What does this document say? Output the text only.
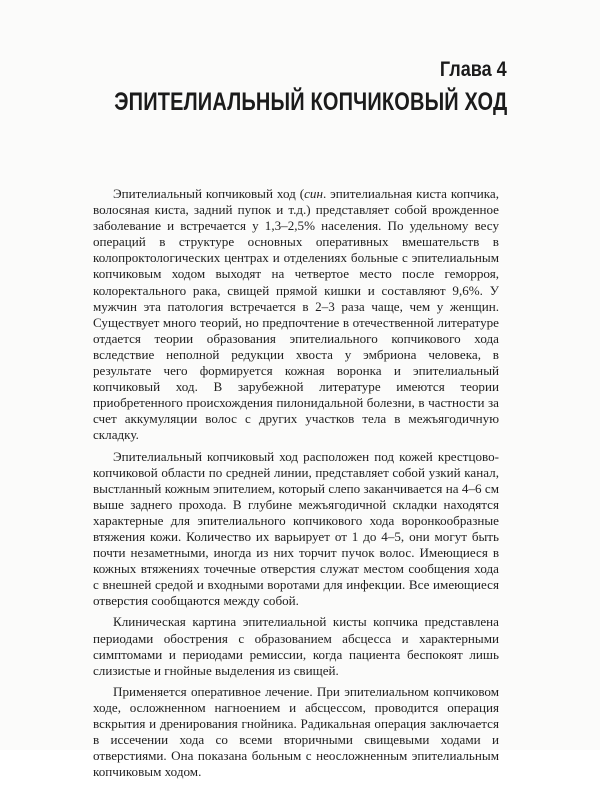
Глава 4
ЭПИТЕЛИАЛЬНЫЙ КОПЧИКОВЫЙ ХОД

Эпителиальный копчиковый ход (син. эпителиальная киста копчика, волосяная киста, задний пупок и т.д.) представляет собой врожденное заболевание и встречается у 1,3–2,5% населения. По удельному весу операций в структуре основных оперативных вмешательств в колопроктологических центрах и отделениях больные с эпителиальным копчиковым ходом выходят на четвертое место после геморроя, колоректального рака, свищей прямой кишки и составляют 9,6%. У мужчин эта патология встречается в 2–3 раза чаще, чем у женщин. Существует много теорий, но предпочтение в отечественной литературе отдается теории образования эпителиального копчикового хода вследствие неполной редукции хвоста у эмбриона человека, в результате чего формируется кожная воронка и эпителиальный копчиковый ход. В зарубежной литературе имеются теории приобретенного происхождения пилонидальной болезни, в частности за счет аккумуляции волос с других участков тела в межъягодичную складку.

Эпителиальный копчиковый ход расположен под кожей крестцово-копчиковой области по средней линии, представляет собой узкий канал, выстланный кожным эпителием, который слепо заканчивается на 4–6 см выше заднего прохода. В глубине межъягодичной складки находятся характерные для эпителиального копчикового хода воронкообразные втяжения кожи. Количество их варьирует от 1 до 4–5, они могут быть почти незаметными, иногда из них торчит пучок волос. Имеющиеся в кожных втяжениях точечные отверстия служат местом сообщения хода с внешней средой и входными воротами для инфекции. Все имеющиеся отверстия сообщаются между собой.

Клиническая картина эпителиальной кисты копчика представлена периодами обострения с образованием абсцесса и характерными симптомами и периодами ремиссии, когда пациента беспокоят лишь слизистые и гнойные выделения из свищей.

Применяется оперативное лечение. При эпителиальном копчиковом ходе, осложненном нагноением и абсцессом, проводится операция вскрытия и дренирования гнойника. Радикальная операция заключается в иссечении хода со всеми вторичными свищевыми ходами и отверстиями. Она показана больным с неосложненным эпителиальным копчиковым ходом.
